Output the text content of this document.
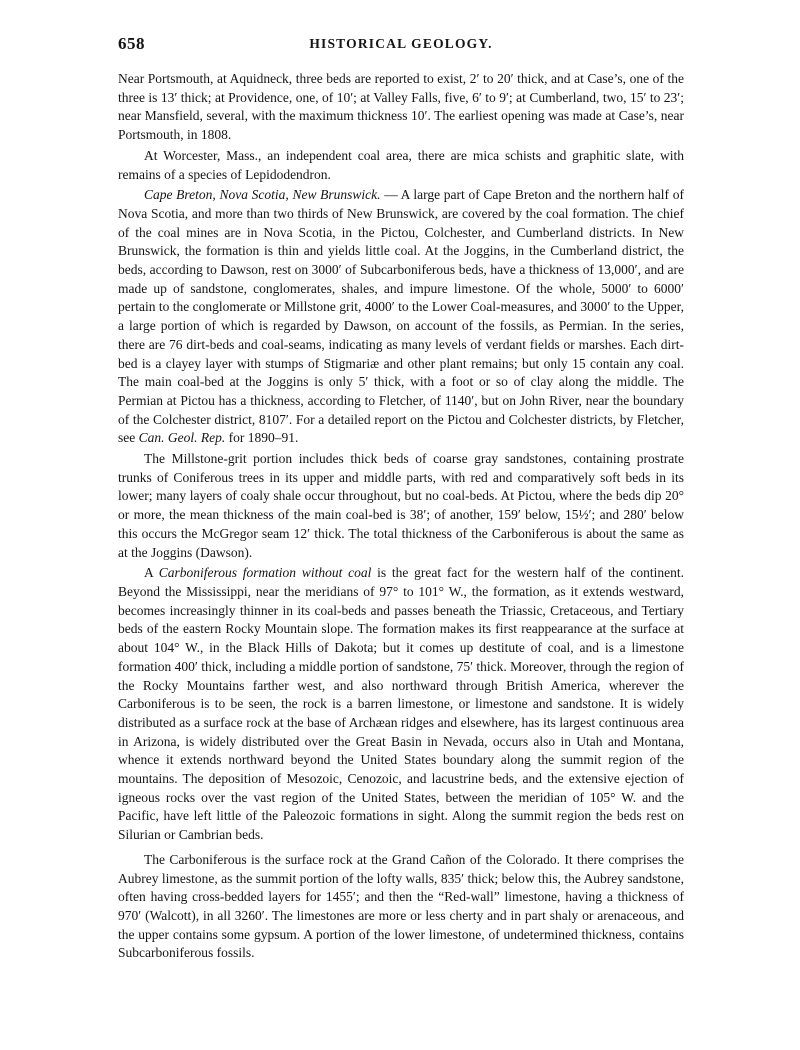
658	HISTORICAL GEOLOGY.

Near Portsmouth, at Aquidneck, three beds are reported to exist, 2′ to 20′ thick, and at Case’s, one of the three is 13′ thick; at Providence, one, of 10′; at Valley Falls, five, 6′ to 9′; at Cumberland, two, 15′ to 23′; near Mansfield, several, with the maximum thickness 10′. The earliest opening was made at Case’s, near Portsmouth, in 1808.

At Worcester, Mass., an independent coal area, there are mica schists and graphitic slate, with remains of a species of Lepidodendron.

Cape Breton, Nova Scotia, New Brunswick. — A large part of Cape Breton and the northern half of Nova Scotia, and more than two thirds of New Brunswick, are covered by the coal formation. The chief of the coal mines are in Nova Scotia, in the Pictou, Colchester, and Cumberland districts. In New Brunswick, the formation is thin and yields little coal. At the Joggins, in the Cumberland district, the beds, according to Dawson, rest on 3000′ of Subcarboniferous beds, have a thickness of 13,000′, and are made up of sandstone, conglomerates, shales, and impure limestone. Of the whole, 5000′ to 6000′ pertain to the conglomerate or Millstone grit, 4000′ to the Lower Coal-measures, and 3000′ to the Upper, a large portion of which is regarded by Dawson, on account of the fossils, as Permian. In the series, there are 76 dirt-beds and coal-seams, indicating as many levels of verdant fields or marshes. Each dirt-bed is a clayey layer with stumps of Stigmariæ and other plant remains; but only 15 contain any coal. The main coal-bed at the Joggins is only 5′ thick, with a foot or so of clay along the middle. The Permian at Pictou has a thickness, according to Fletcher, of 1140′, but on John River, near the boundary of the Colchester district, 8107′. For a detailed report on the Pictou and Colchester districts, by Fletcher, see Can. Geol. Rep. for 1890–91.

The Millstone-grit portion includes thick beds of coarse gray sandstones, containing prostrate trunks of Coniferous trees in its upper and middle parts, with red and comparatively soft beds in its lower; many layers of coaly shale occur throughout, but no coal-beds. At Pictou, where the beds dip 20° or more, the mean thickness of the main coal-bed is 38′; of another, 159′ below, 15½′; and 280′ below this occurs the McGregor seam 12′ thick. The total thickness of the Carboniferous is about the same as at the Joggins (Dawson).

A Carboniferous formation without coal is the great fact for the western half of the continent. Beyond the Mississippi, near the meridians of 97° to 101° W., the formation, as it extends westward, becomes increasingly thinner in its coal-beds and passes beneath the Triassic, Cretaceous, and Tertiary beds of the eastern Rocky Mountain slope. The formation makes its first reappearance at the surface at about 104° W., in the Black Hills of Dakota; but it comes up destitute of coal, and is a limestone formation 400′ thick, including a middle portion of sandstone, 75′ thick. Moreover, through the region of the Rocky Mountains farther west, and also northward through British America, wherever the Carboniferous is to be seen, the rock is a barren limestone, or limestone and sandstone. It is widely distributed as a surface rock at the base of Archæan ridges and elsewhere, has its largest continuous area in Arizona, is widely distributed over the Great Basin in Nevada, occurs also in Utah and Montana, whence it extends northward beyond the United States boundary along the summit region of the mountains. The deposition of Mesozoic, Cenozoic, and lacustrine beds, and the extensive ejection of igneous rocks over the vast region of the United States, between the meridian of 105° W. and the Pacific, have left little of the Paleozoic formations in sight. Along the summit region the beds rest on Silurian or Cambrian beds.

The Carboniferous is the surface rock at the Grand Cañon of the Colorado. It there comprises the Aubrey limestone, as the summit portion of the lofty walls, 835′ thick; below this, the Aubrey sandstone, often having cross-bedded layers for 1455′; and then the “Red-wall” limestone, having a thickness of 970′ (Walcott), in all 3260′. The limestones are more or less cherty and in part shaly or arenaceous, and the upper contains some gypsum. A portion of the lower limestone, of undetermined thickness, contains Subcarboniferous fossils.
